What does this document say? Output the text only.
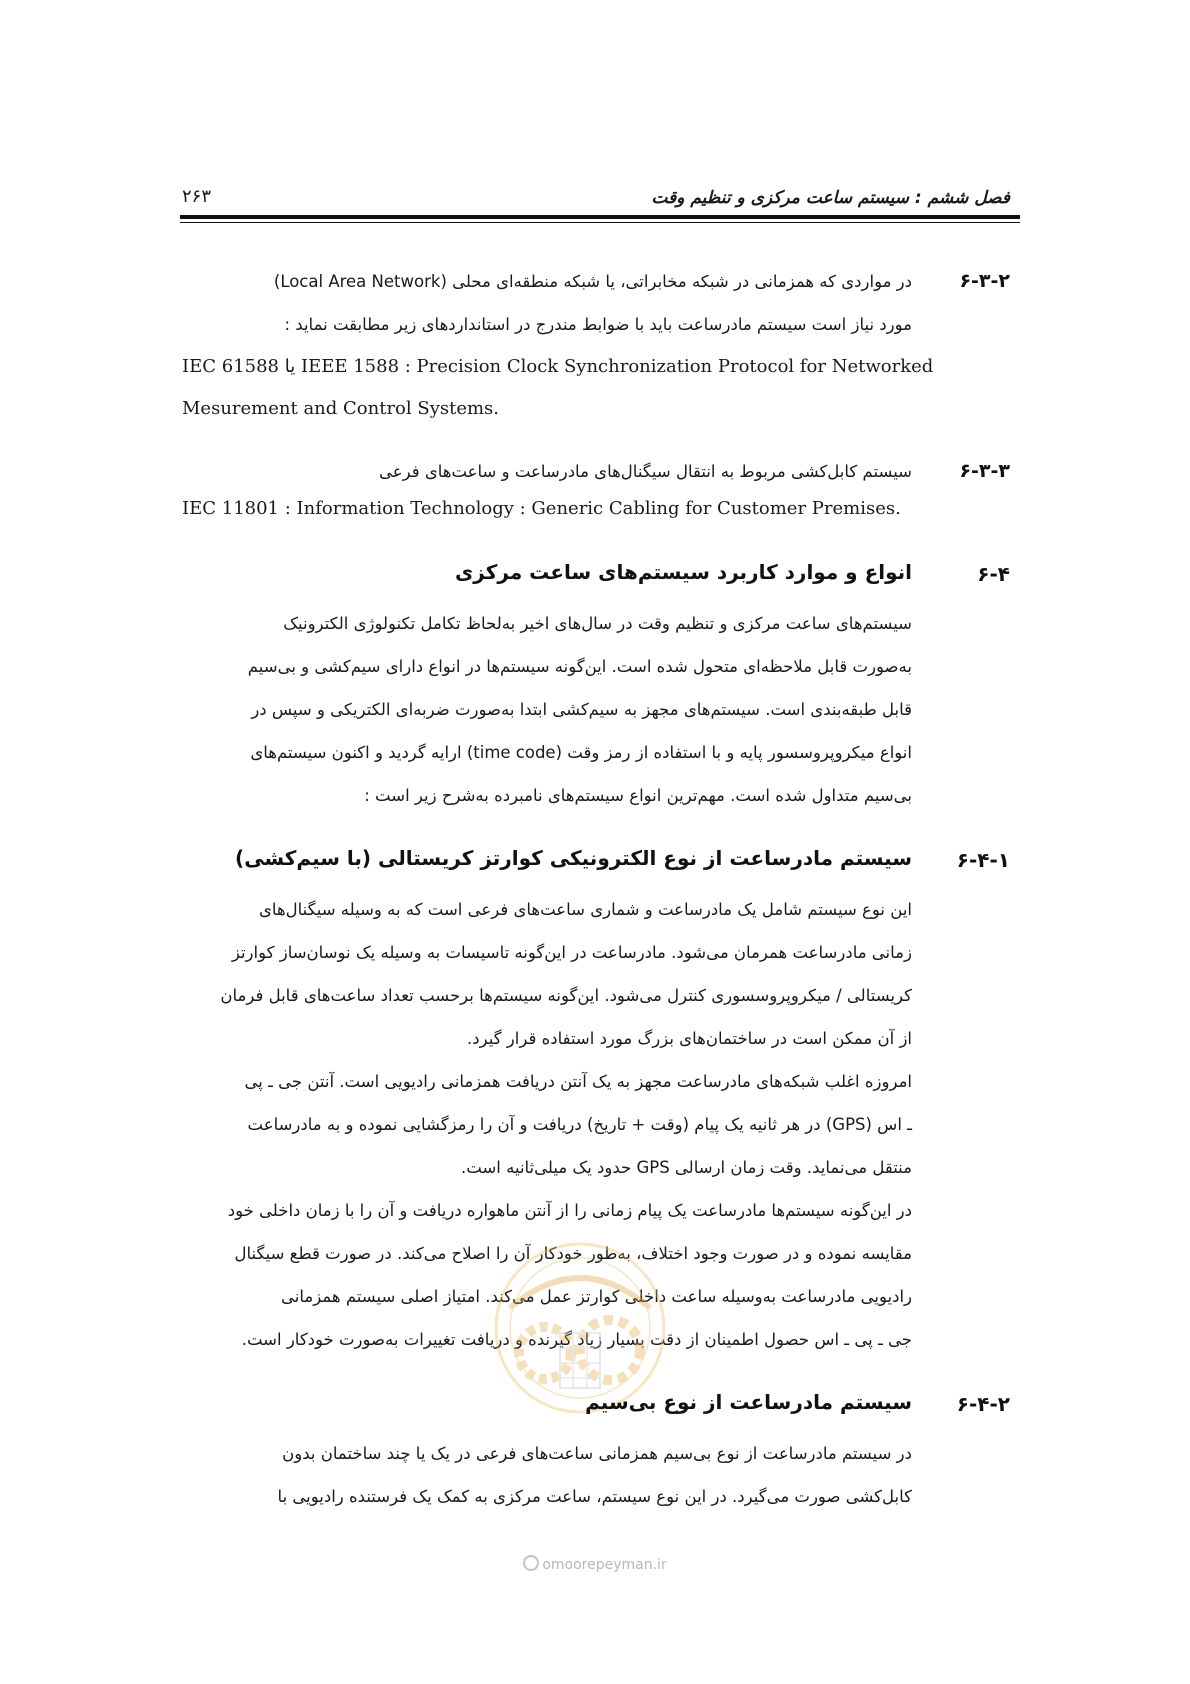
فصل ششم : سیستم ساعت مرکزی و تنظیم وقت
۲۶۳
۶-۳-۲
در مواردی که همزمانی در شبکه مخابراتی، یا شبکه منطقه‌ای محلی (Local Area Network)
مورد نیاز است سیستم مادرساعت باید با ضوابط مندرج در استانداردهای زیر مطابقت نماید :
IEC 61588 یا IEEE 1588 : Precision Clock Synchronization Protocol for Networked
Mesurement and Control Systems.
۶-۳-۳
سیستم کابل‌کشی مربوط به انتقال سیگنال‌های مادرساعت و ساعت‌های فرعی
IEC 11801 : Information Technology : Generic Cabling for Customer Premises.
۶-۴
انواع و موارد کاربرد سیستم‌های ساعت مرکزی
سیستم‌های ساعت مرکزی و تنظیم وقت در سال‌های اخیر به‌لحاظ تکامل تکنولوژی الکترونیک
به‌صورت قابل ملاحظه‌ای متحول شده است. این‌گونه سیستم‌ها در انواع دارای سیم‌کشی و بی‌سیم
قابل طبقه‌بندی است. سیستم‌های مجهز به سیم‌کشی ابتدا به‌صورت ضربه‌ای الکتریکی و سپس در
انواع میکروپروسسور پایه و با استفاده از رمز وقت (time code) ارایه گردید و اکنون سیستم‌های
بی‌سیم متداول شده است. مهم‌ترین انواع سیستم‌های نامبرده به‌شرح زیر است :
۶-۴-۱
سیستم مادرساعت از نوع الکترونیکی کوارتز کریستالی (با سیم‌کشی)
این نوع سیستم شامل یک مادرساعت و شماری ساعت‌های فرعی است که به وسیله سیگنال‌های
زمانی مادرساعت همرمان می‌شود. مادرساعت در این‌گونه تاسیسات به وسیله یک نوسان‌ساز کوارتز
کریستالی / میکروپروسسوری کنترل می‌شود. این‌گونه سیستم‌ها برحسب تعداد ساعت‌های قابل فرمان
از آن ممکن است در ساختمان‌های بزرگ مورد استفاده قرار گیرد.
امروزه اغلب شبکه‌های مادرساعت مجهز به یک آنتن دریافت همزمانی رادیویی است. آنتن جی ـ پی
ـ اس (GPS) در هر ثانیه یک پیام (وقت + تاریخ) دریافت و آن را رمزگشایی نموده و به مادرساعت
منتقل می‌نماید. وقت زمان ارسالی GPS حدود یک میلی‌ثانیه است.
در این‌گونه سیستم‌ها مادرساعت یک پیام زمانی را از آنتن ماهواره دریافت و آن را با زمان داخلی خود
مقایسه نموده و در صورت وجود اختلاف، به‌طور خودکار آن را اصلاح می‌کند. در صورت قطع سیگنال
رادیویی مادرساعت به‌وسیله ساعت داخلی کوارتز عمل می‌کند. امتیاز اصلی سیستم همزمانی
جی ـ پی ـ اس حصول اطمینان از دقت بسیار زیاد گیرنده و دریافت تغییرات به‌صورت خودکار است.
۶-۴-۲
سیستم مادرساعت از نوع بی‌سیم
در سیستم مادرساعت از نوع بی‌سیم همزمانی ساعت‌های فرعی در یک یا چند ساختمان بدون
کابل‌کشی صورت می‌گیرد. در این نوع سیستم، ساعت مرکزی به کمک یک فرستنده رادیویی با
omoorepeyman.ir
